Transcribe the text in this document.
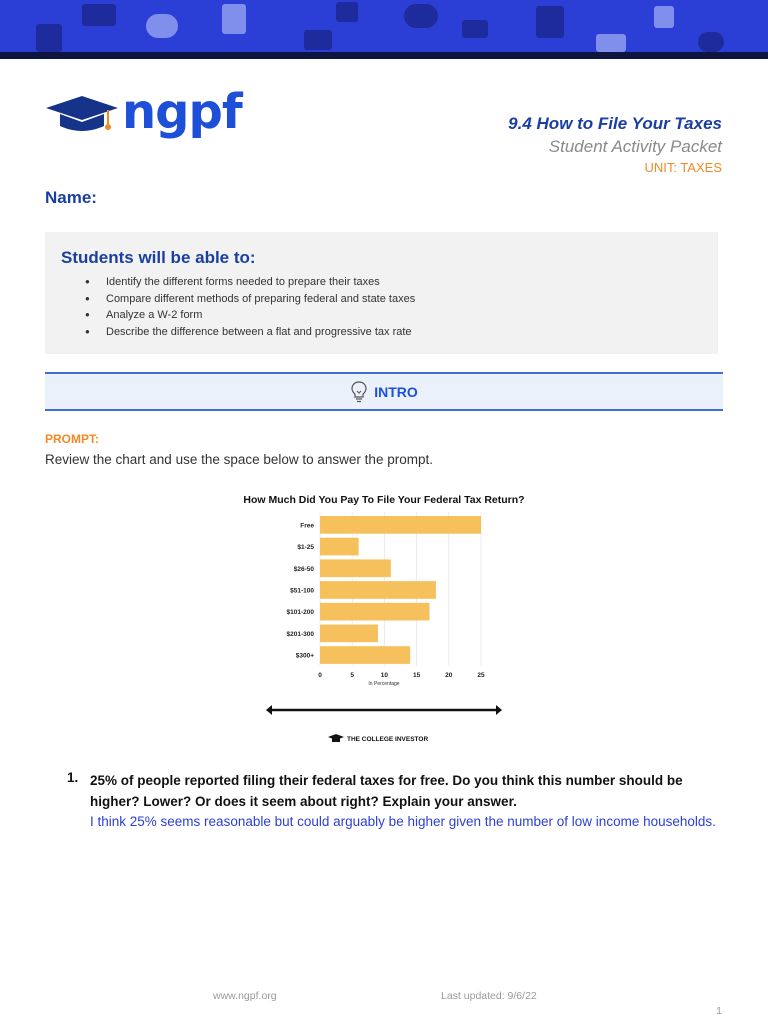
ngpf	9.4 How to File Your Taxes
Student Activity Packet
UNIT: TAXES
Name:
Students will be able to:
● Identify the different forms needed to prepare their taxes
● Compare different methods of preparing federal and state taxes
● Analyze a W-2 form
● Describe the difference between a flat and progressive tax rate
INTRO
PROMPT:
Review the chart and use the space below to answer the prompt.
How Much Did You Pay To File Your Federal Tax Return?
Free
$1-25
$26-50
$51-100
$101-200
$201-300
$300+
0	5	10	15	20	25
In Percentage
THE COLLEGE INVESTOR
1. 25% of people reported filing their federal taxes for free. Do you think this number should be higher? Lower? Or does it seem about right? Explain your answer.
I think 25% seems reasonable but could arguably be higher given the number of low income households.
www.ngpf.org	Last updated: 9/6/22
1
